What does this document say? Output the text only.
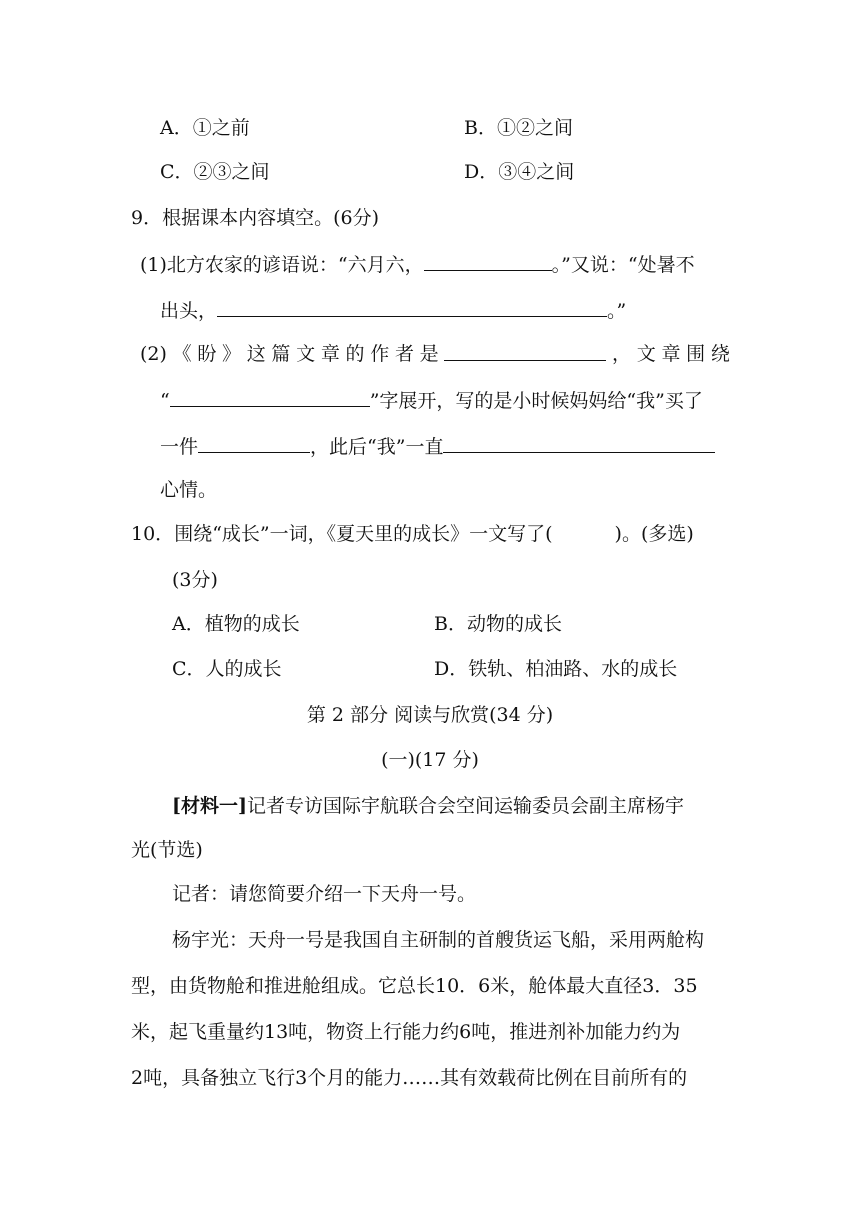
A．①之前	B．①②之间
C．②③之间	D．③④之间
9．根据课本内容填空。(6分)
(1)北方农家的谚语说：“六月六，	。”又说：“处暑不
出头，	。”
(2) 《 盼 》 这 篇 文 章 的 作 者 是	， 文 章 围 绕
“	”字展开，写的是小时候妈妈给“我”买了
一件	，此后“我”一直
心情。
10．围绕“成长”一词，《夏天里的成长》一文写了(	)。(多选)
(3分)
A．植物的成长	B．动物的成长
C．人的成长	D．铁轨、柏油路、水的成长
第 2 部分 阅读与欣赏(34 分)
(一)(17 分)
[材料一]记者专访国际宇航联合会空间运输委员会副主席杨宇
光(节选)
记者：请您简要介绍一下天舟一号。
杨宇光：天舟一号是我国自主研制的首艘货运飞船，采用两舱构
型，由货物舱和推进舱组成。它总长10．6米，舱体最大直径3．35
米，起飞重量约13吨，物资上行能力约6吨，推进剂补加能力约为
2吨，具备独立飞行3个月的能力……其有效载荷比例在目前所有的
